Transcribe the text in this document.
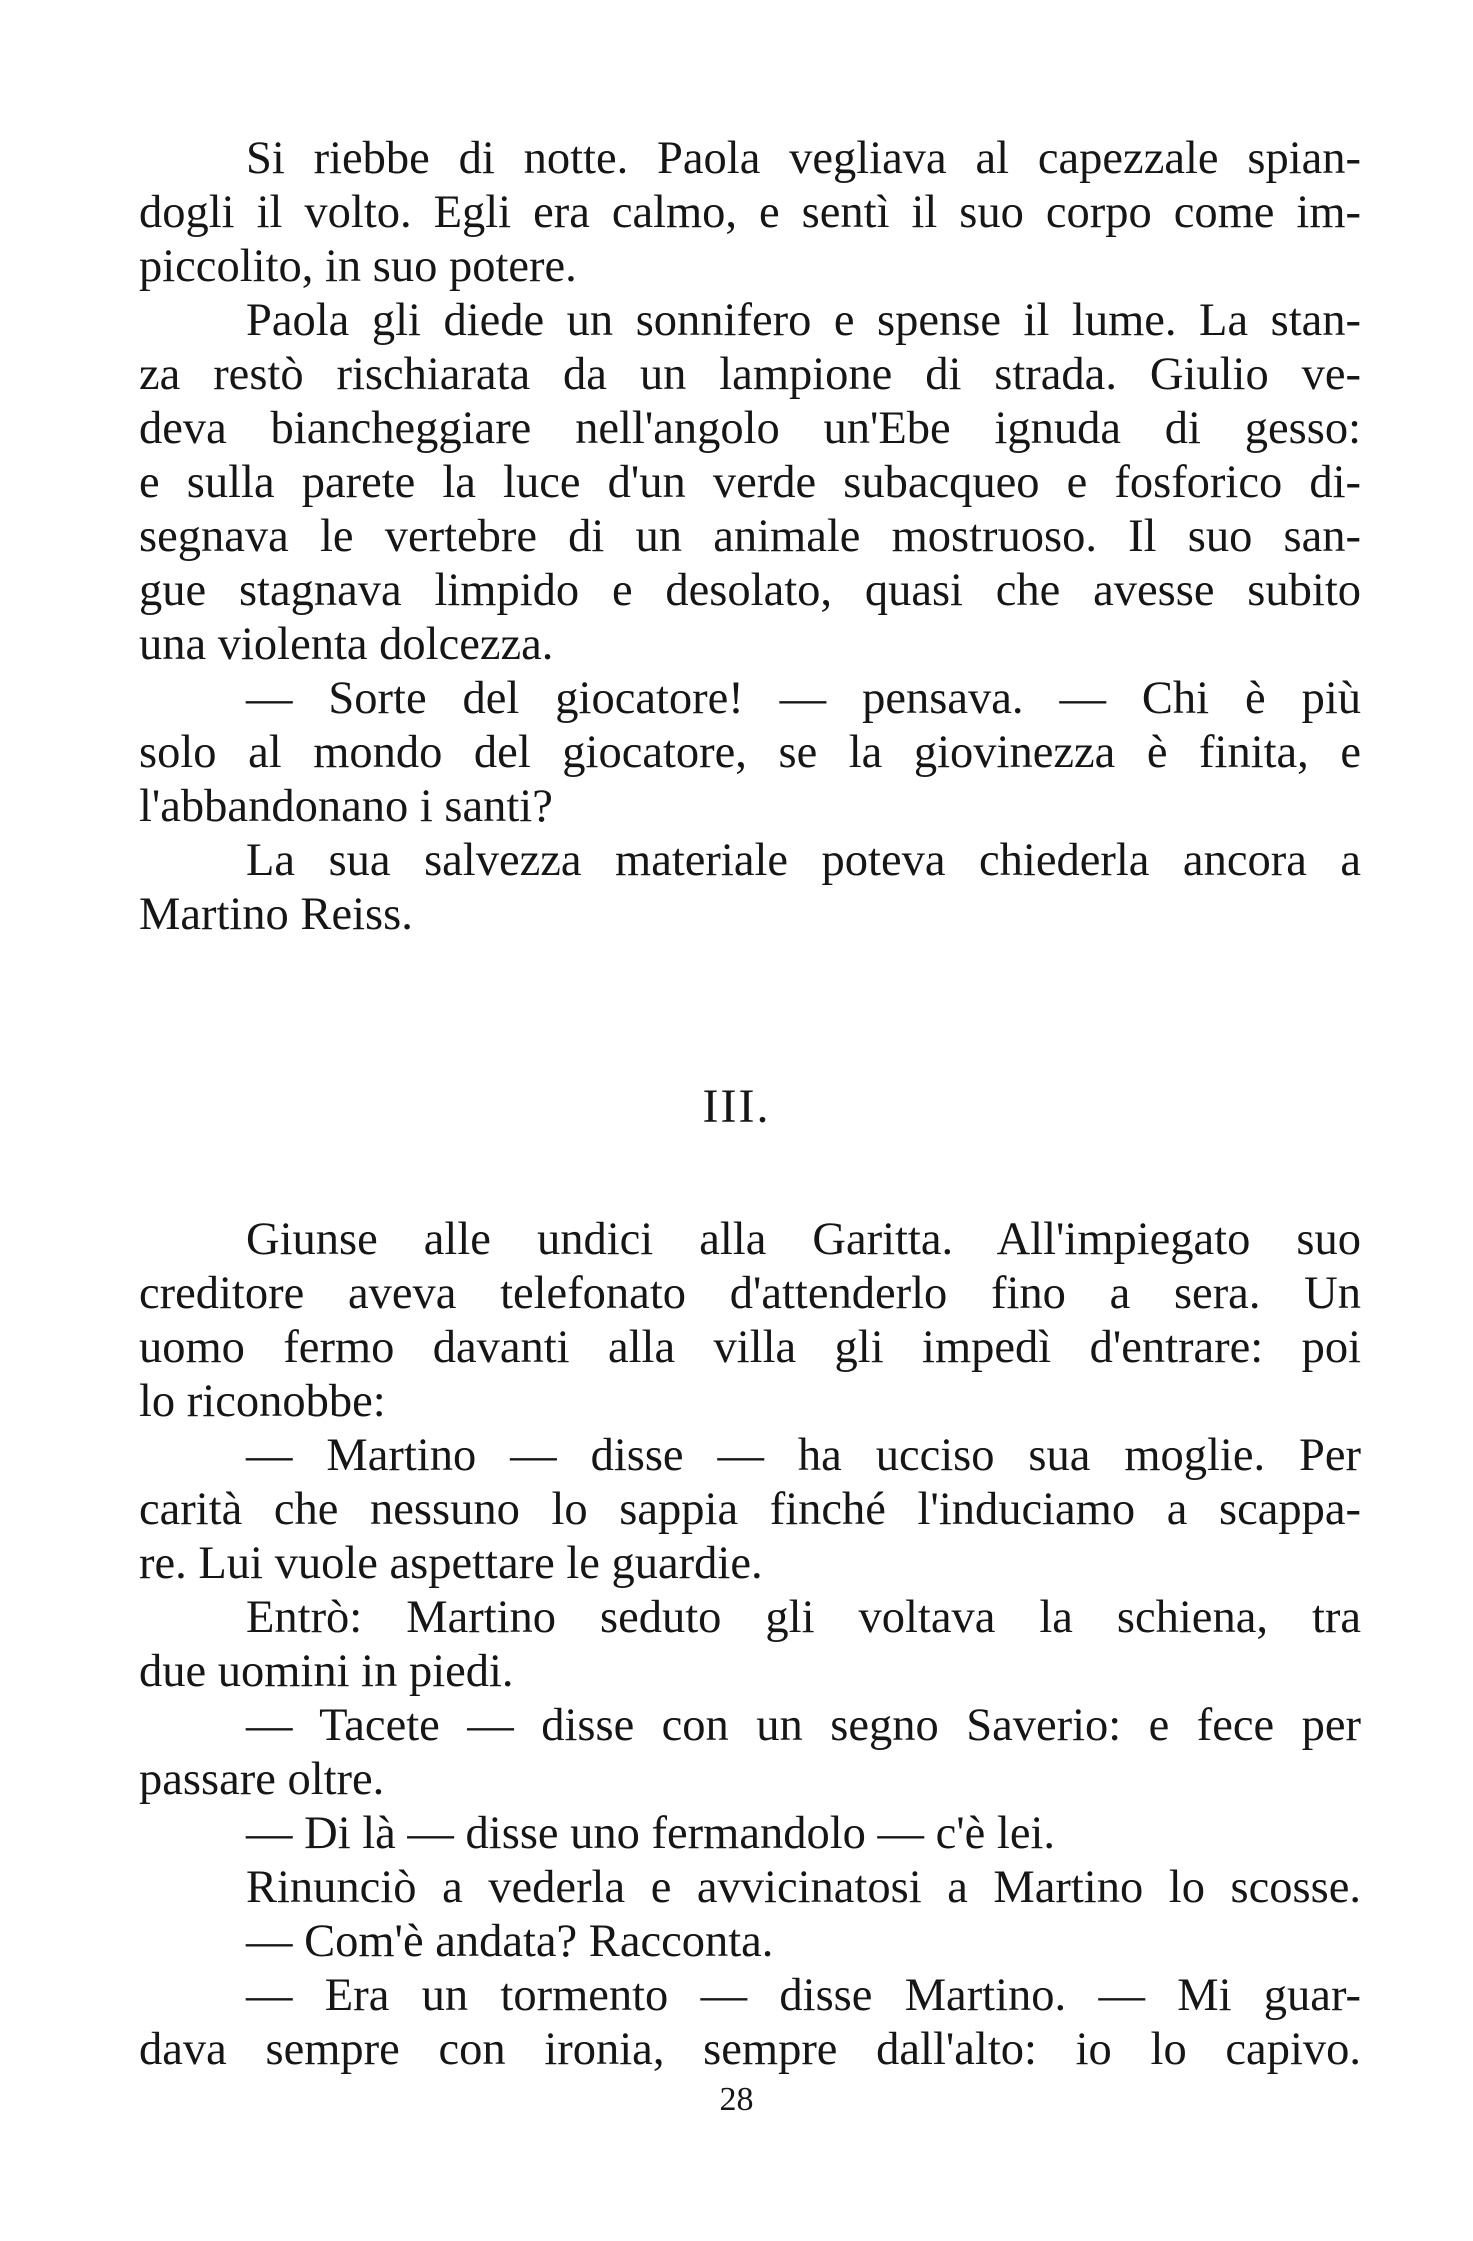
Si riebbe di notte. Paola vegliava al capezzale spian-
dogli il volto. Egli era calmo, e sentì il suo corpo come im-
piccolito, in suo potere.
Paola gli diede un sonnifero e spense il lume. La stan-
za restò rischiarata da un lampione di strada. Giulio ve-
deva biancheggiare nell'angolo un'Ebe ignuda di gesso:
e sulla parete la luce d'un verde subacqueo e fosforico di-
segnava le vertebre di un animale mostruoso. Il suo san-
gue stagnava limpido e desolato, quasi che avesse subito
una violenta dolcezza.
— Sorte del giocatore! — pensava. — Chi è più
solo al mondo del giocatore, se la giovinezza è finita, e
l'abbandonano i santi?
La sua salvezza materiale poteva chiederla ancora a
Martino Reiss.
III.
Giunse alle undici alla Garitta. All'impiegato suo
creditore aveva telefonato d'attenderlo fino a sera. Un
uomo fermo davanti alla villa gli impedì d'entrare: poi
lo riconobbe:
— Martino — disse — ha ucciso sua moglie. Per
carità che nessuno lo sappia finché l'induciamo a scappa-
re. Lui vuole aspettare le guardie.
Entrò: Martino seduto gli voltava la schiena, tra
due uomini in piedi.
— Tacete — disse con un segno Saverio: e fece per
passare oltre.
— Di là — disse uno fermandolo — c'è lei.
Rinunciò a vederla e avvicinatosi a Martino lo scosse.
— Com'è andata? Racconta.
— Era un tormento — disse Martino. — Mi guar-
dava sempre con ironia, sempre dall'alto: io lo capivo.
28
